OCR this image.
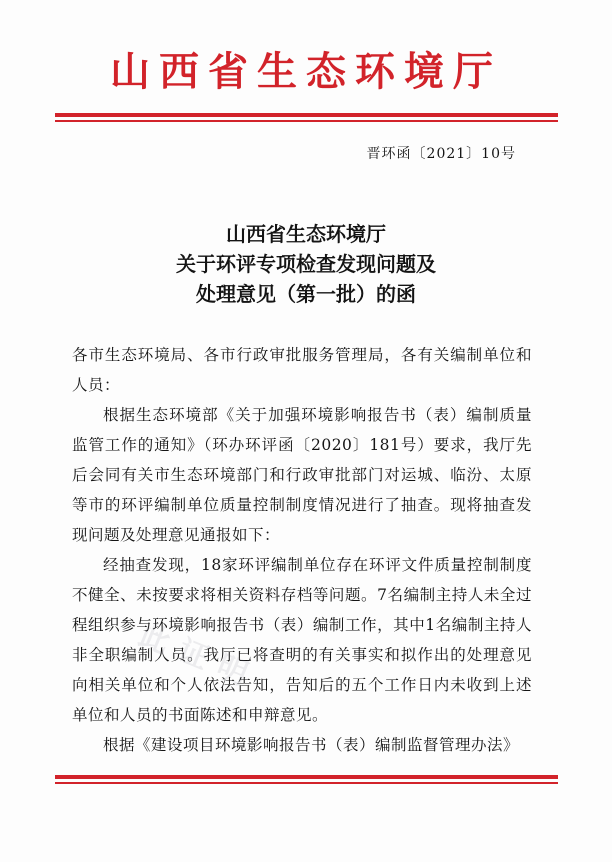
山西省生态环境厅
晋环函〔2021〕10号
山西省生态环境厅
关于环评专项检查发现问题及
处理意见（第一批）的函

各市生态环境局、各市行政审批服务管理局，各有关编制单位和人员：

根据生态环境部《关于加强环境影响报告书（表）编制质量监管工作的通知》（环办环评函〔2020〕181号）要求，我厅先后会同有关市生态环境部门和行政审批部门对运城、临汾、太原等市的环评编制单位质量控制制度情况进行了抽查。现将抽查发现问题及处理意见通报如下：

经抽查发现，18家环评编制单位存在环评文件质量控制制度不健全、未按要求将相关资料存档等问题。7名编制主持人未全过程组织参与环境影响报告书（表）编制工作，其中1名编制主持人非全职编制人员。我厅已将查明的有关事实和拟作出的处理意见向相关单位和个人依法告知，告知后的五个工作日内未收到上述单位和人员的书面陈述和申辩意见。

根据《建设项目环境影响报告书（表）编制监督管理办法》

此证明
